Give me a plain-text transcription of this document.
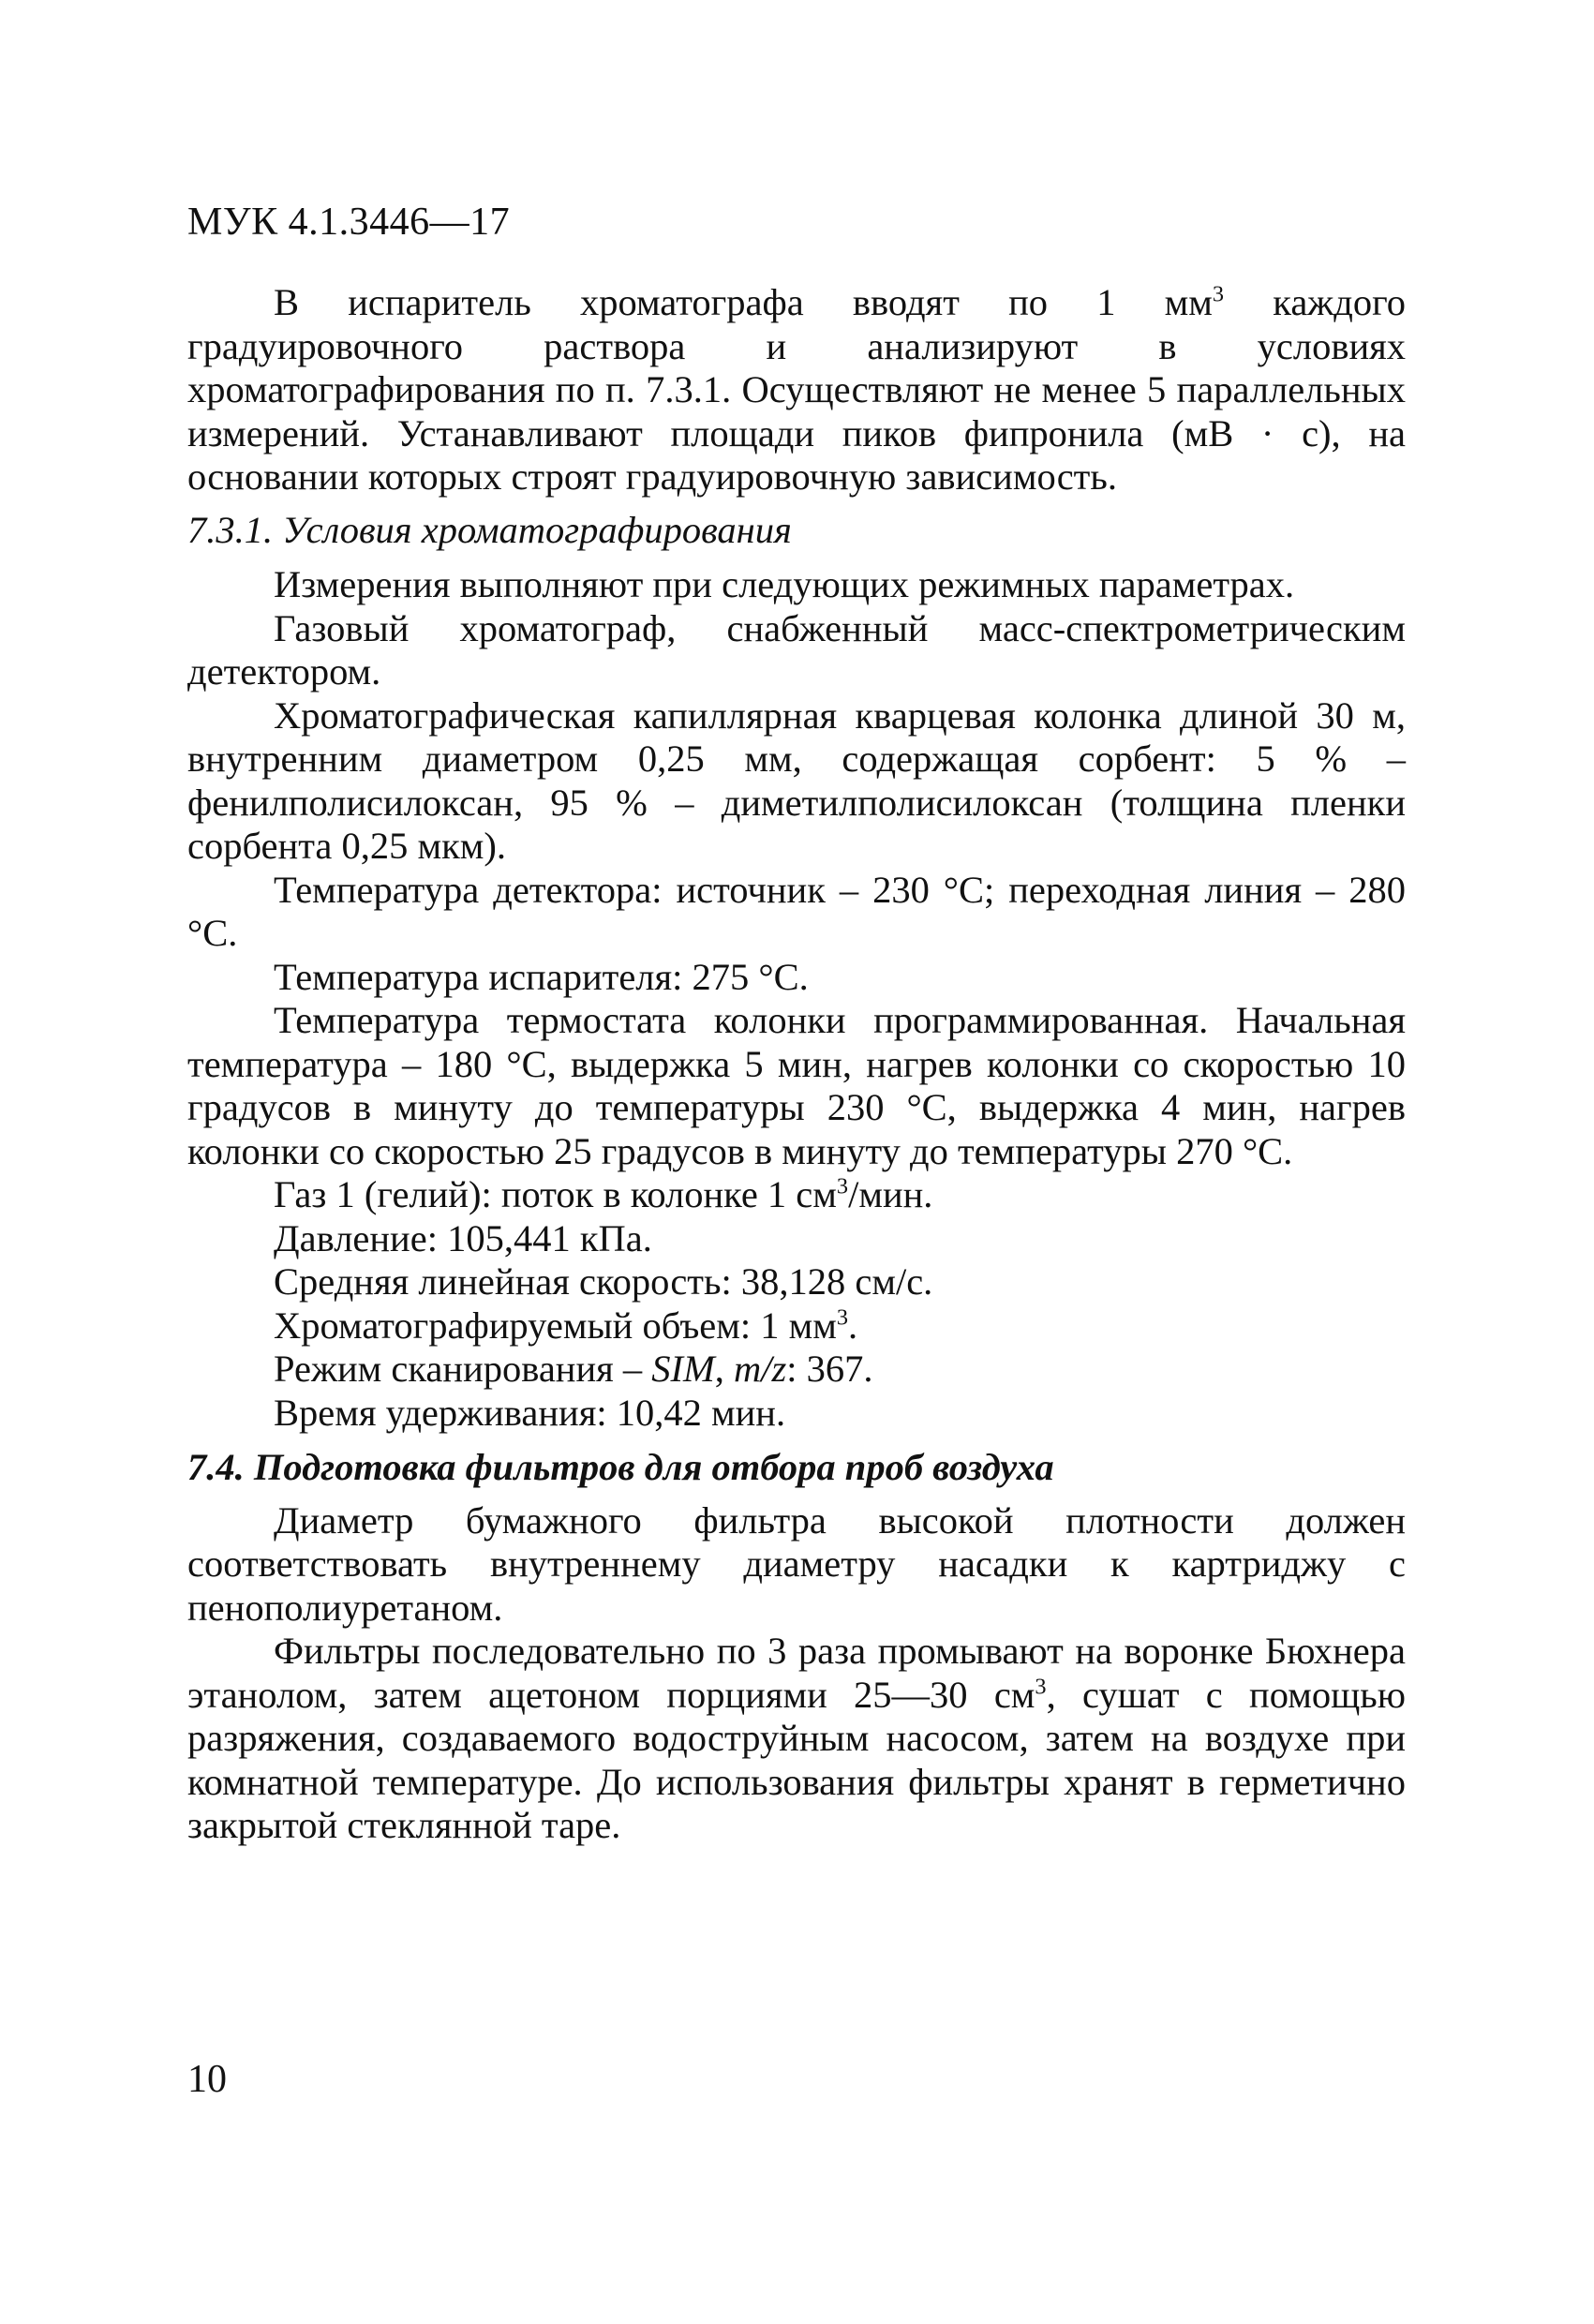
МУК 4.1.3446—17

В испаритель хроматографа вводят по 1 $мм^3$ каждого градуировочного раствора и анализируют в условиях хроматографирования по п. 7.3.1. Осуществляют не менее 5 параллельных измерений. Устанавливают площади пиков фипронила (мВ · с), на основании которых строят градуировочную зависимость.

7.3.1. Условия хроматографирования

Измерения выполняют при следующих режимных параметрах.

Газовый хроматограф, снабженный масс-спектрометрическим детектором.

Хроматографическая капиллярная кварцевая колонка длиной 30 м, внутренним диаметром 0,25 мм, содержащая сорбент: 5 % – фенилполисилоксан, 95 % – диметилполисилоксан (толщина пленки сорбента 0,25 мкм).

Температура детектора: источник – 230 °С; переходная линия – 280 °С.

Температура испарителя: 275 °С.

Температура термостата колонки программированная. Начальная температура – 180 °С, выдержка 5 мин, нагрев колонки со скоростью 10 градусов в минуту до температуры 230 °С, выдержка 4 мин, нагрев колонки со скоростью 25 градусов в минуту до температуры 270 °С.

Газ 1 (гелий): поток в колонке 1 $см^3$/мин.

Давление: 105,441 кПа.

Средняя линейная скорость: 38,128 см/с.

Хроматографируемый объем: 1 $мм^3$.

Режим сканирования – SIM, m/z: 367.

Время удерживания: 10,42 мин.

7.4. Подготовка фильтров для отбора проб воздуха

Диаметр бумажного фильтра высокой плотности должен соответствовать внутреннему диаметру насадки к картриджу с пенополиуретаном.

Фильтры последовательно по 3 раза промывают на воронке Бюхнера этанолом, затем ацетоном порциями 25—30 $см^3$, сушат с помощью разряжения, создаваемого водоструйным насосом, затем на воздухе при комнатной температуре. До использования фильтры хранят в герметично закрытой стеклянной таре.

10
